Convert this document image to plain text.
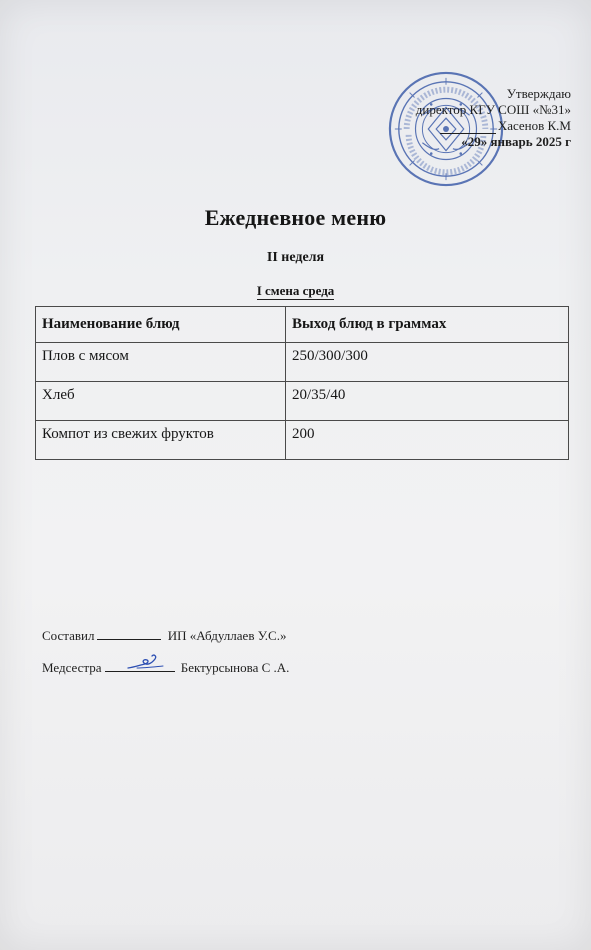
Утверждаю
директор КГУ СОШ «№31»
Хасенов К.М
«29» январь 2025 г
Ежедневное меню
II неделя
I смена среда
Наименование блюд	Выход блюд в граммах
Плов с мясом	250/300/300
Хлеб	20/35/40
Компот из свежих фруктов	200
Составил	ИП «Абдуллаев У.С.»
Медсестра	Бектурсынова С .А.
